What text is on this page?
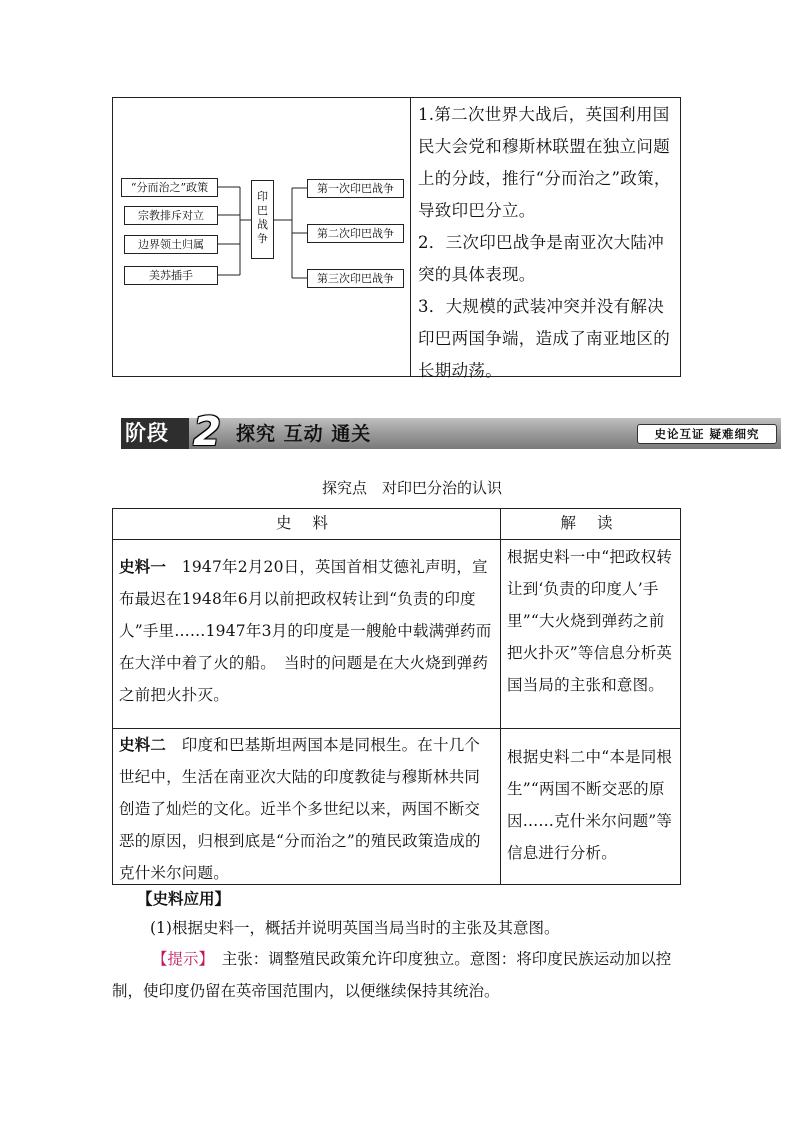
“分而治之”政策
宗教排斥对立
边界领土归属
美苏插手
印巴战争
第一次印巴战争
第二次印巴战争
第三次印巴战争

1.第二次世界大战后，英国利用国民大会党和穆斯林联盟在独立问题上的分歧，推行“分而治之”政策，导致印巴分立。

2．三次印巴战争是南亚次大陆冲突的具体表现。

3．大规模的武装冲突并没有解决印巴两国争端，造成了南亚地区的长期动荡。

阶段 2 探究 互动 通关	史论互证 疑难细究
探究点　对印巴分治的认识
史 料	解 读
史料一　1947年2月20日，英国首相艾德礼声明，宣布最迟在1948年6月以前把政权转让到“负责的印度人”手里……1947年3月的印度是一艘舱中载满弹药而在大洋中着了火的船。　当时的问题是在大火烧到弹药之前把火扑灭。
根据史料一中“把政权转让到‘负责的印度人’手里”“大火烧到弹药之前把火扑灭”等信息分析英国当局的主张和意图。
史料二　印度和巴基斯坦两国本是同根生。在十几个世纪中，生活在南亚次大陆的印度教徒与穆斯林共同创造了灿烂的文化。近半个多世纪以来，两国不断交恶的原因，归根到底是“分而治之”的殖民政策造成的克什米尔问题。
根据史料二中“本是同根生”“两国不断交恶的原因……克什米尔问题”等信息进行分析。
【史料应用】
(1)根据史料一，概括并说明英国当局当时的主张及其意图。
【提示】　 主张：调整殖民政策允许印度独立。意图：将印度民族运动加以控制，使印度仍留在英帝国范围内，以便继续保持其统治。
